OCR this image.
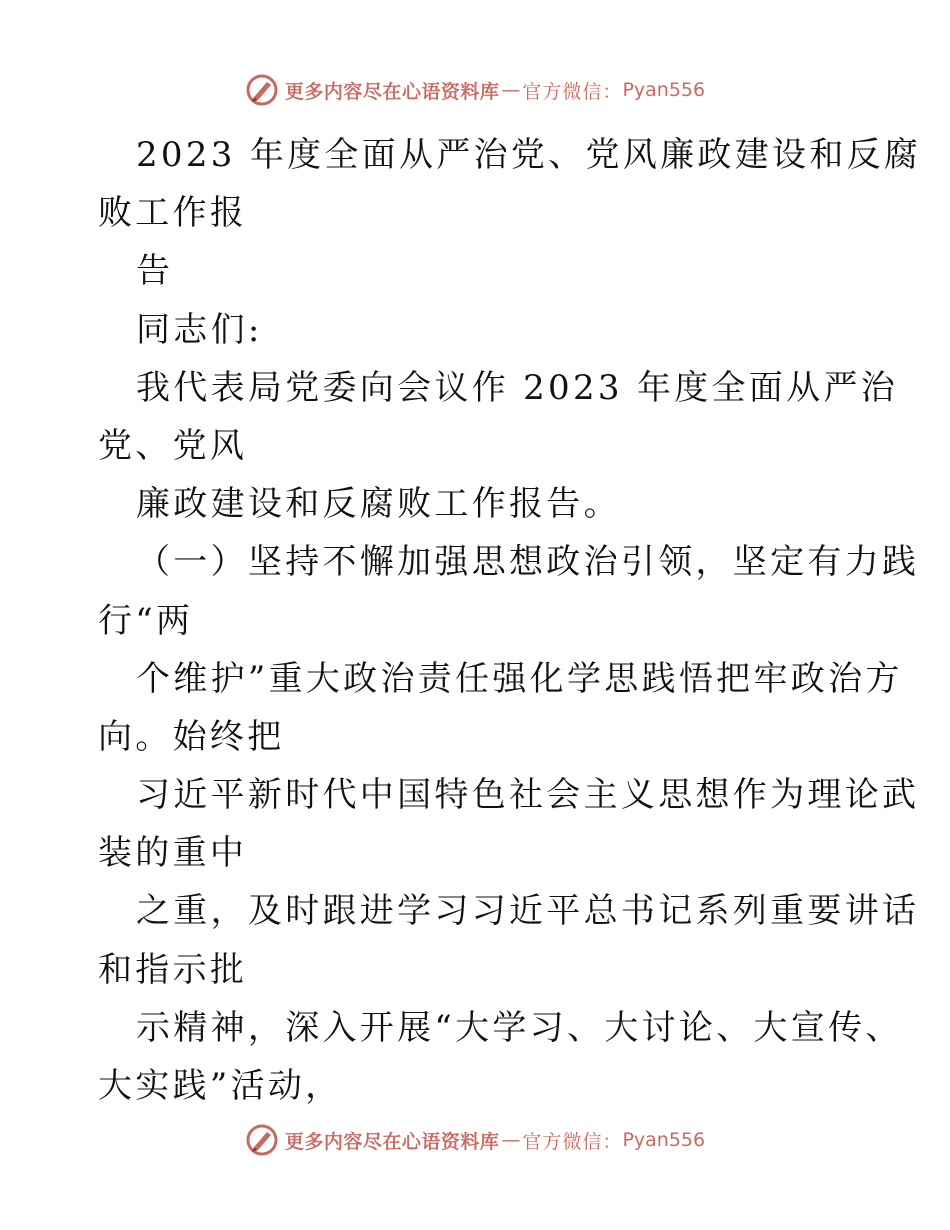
更多内容尽在心语资料库 — 官方微信： Pyan556
2023 年度全面从严治党、党风廉政建设和反腐
败工作报
告
同志们:
我代表局党委向会议作 2023 年度全面从严治
党、党风
廉政建设和反腐败工作报告。
（一）坚持不懈加强思想政治引领，坚定有力践
行“两
个维护”重大政治责任强化学思践悟把牢政治方
向。始终把
习近平新时代中国特色社会主义思想作为理论武
装的重中
之重，及时跟进学习习近平总书记系列重要讲话
和指示批
示精神，深入开展“大学习、大讨论、大宣传、
大实践”活动，
更多内容尽在心语资料库 — 官方微信： Pyan556
